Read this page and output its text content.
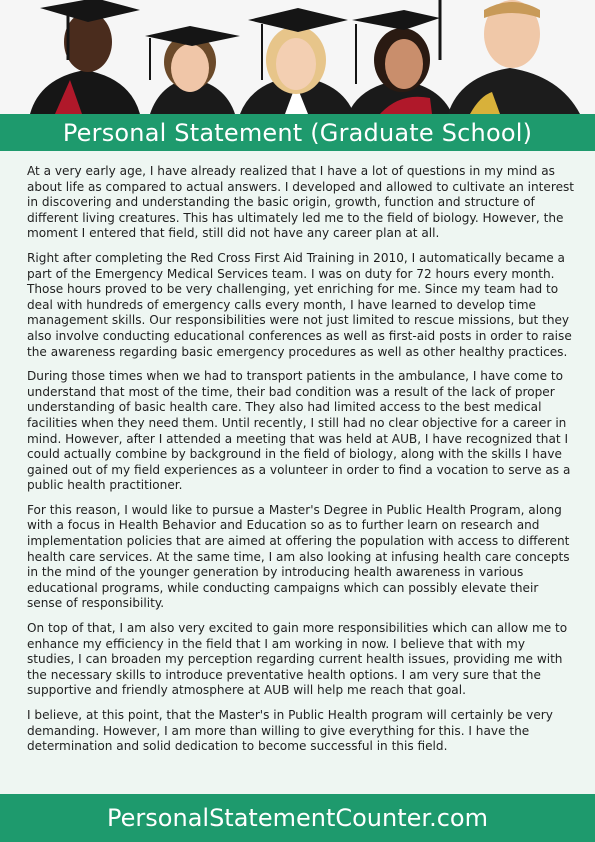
Personal Statement (Graduate School)

At a very early age, I have already realized that I have a lot of questions in my mind as about life as compared to actual answers. I developed and allowed to cultivate an interest in discovering and understanding the basic origin, growth, function and structure of different living creatures. This has ultimately led me to the field of biology. However, the moment I entered that field, still did not have any career plan at all.

Right after completing the Red Cross First Aid Training in 2010, I automatically became a part of the Emergency Medical Services team. I was on duty for 72 hours every month. Those hours proved to be very challenging, yet enriching for me. Since my team had to deal with hundreds of emergency calls every month, I have learned to develop time management skills. Our responsibilities were not just limited to rescue missions, but they also involve conducting educational conferences as well as first-aid posts in order to raise the awareness regarding basic emergency procedures as well as other healthy practices.

During those times when we had to transport patients in the ambulance, I have come to understand that most of the time, their bad condition was a result of the lack of proper understanding of basic health care. They also had limited access to the best medical facilities when they need them. Until recently, I still had no clear objective for a career in mind. However, after I attended a meeting that was held at AUB, I have recognized that I could actually combine by background in the field of biology, along with the skills I have gained out of my field experiences as a volunteer in order to find a vocation to serve as a public health practitioner.

For this reason, I would like to pursue a Master's Degree in Public Health Program, along with a focus in Health Behavior and Education so as to further learn on research and implementation policies that are aimed at offering the population with access to different health care services. At the same time, I am also looking at infusing health care concepts in the mind of the younger generation by introducing health awareness in various educational programs, while conducting campaigns which can possibly elevate their sense of responsibility.

On top of that, I am also very excited to gain more responsibilities which can allow me to enhance my efficiency in the field that I am working in now. I believe that with my studies, I can broaden my perception regarding current health issues, providing me with the necessary skills to introduce preventative health options. I am very sure that the supportive and friendly atmosphere at AUB will help me reach that goal.

I believe, at this point, that the Master's in Public Health program will certainly be very demanding. However, I am more than willing to give everything for this. I have the determination and solid dedication to become successful in this field.

PersonalStatementCounter.com
